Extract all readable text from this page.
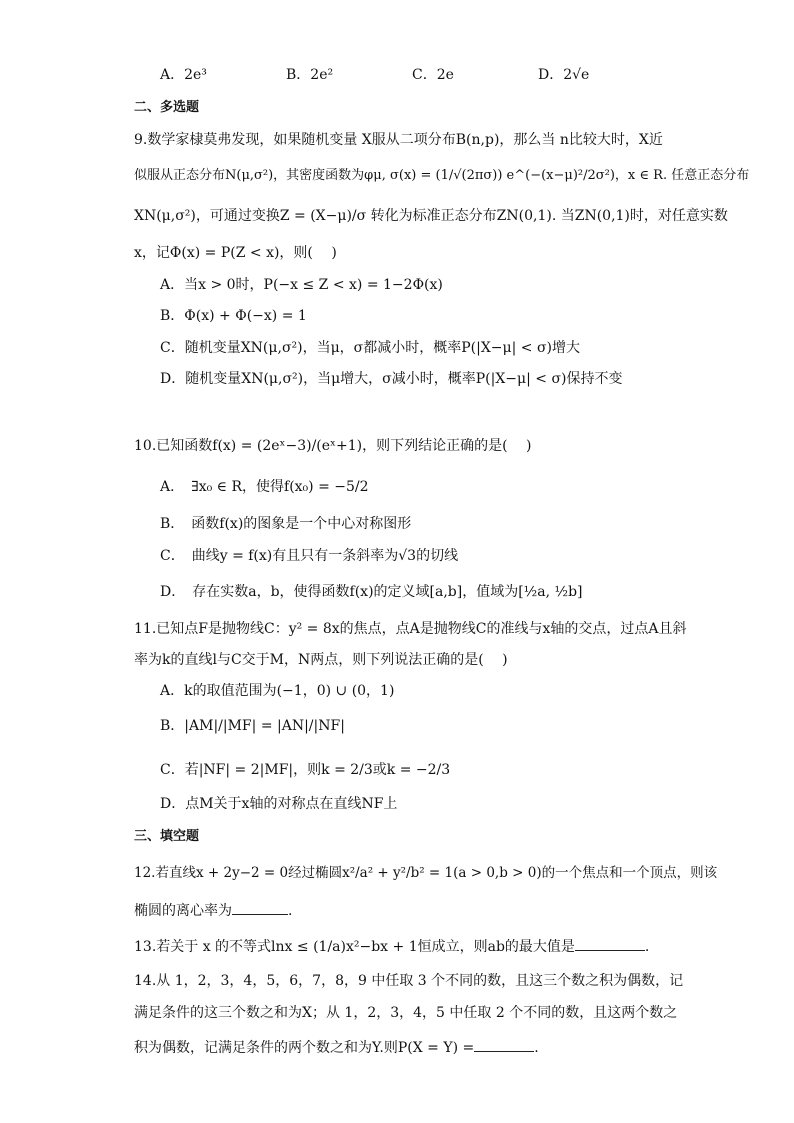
A．2e³	B．2e²	C．2e	D．2√e
二、多选题
9.数学家棣莫弗发现，如果随机变量 X服从二项分布B(n,p)，那么当 n比较大时，X近
似服从正态分布N(μ,σ²)，其密度函数为φμ, σ(x) = (1/√(2πσ)) e^(−(x−μ)²/2σ²)，x ∈ R. 任意正态分布
XN(μ,σ²)，可通过变换Z = (X−μ)/σ 转化为标准正态分布ZN(0,1). 当ZN(0,1)时，对任意实数
x，记Φ(x) = P(Z < x)，则(　 )
A．当x > 0时，P(−x ≤ Z < x) = 1−2Φ(x)
B．Φ(x) + Φ(−x) = 1
C．随机变量XN(μ,σ²)，当μ，σ都减小时，概率P(|X−μ| < σ)增大
D．随机变量XN(μ,σ²)，当μ增大，σ减小时，概率P(|X−μ| < σ)保持不变
10.已知函数f(x) = (2eˣ−3)/(eˣ+1)，则下列结论正确的是(　 )
A．　∃x₀ ∈ R，使得f(x₀) = −5/2
B．　函数f(x)的图象是一个中心对称图形
C．　曲线y = f(x)有且只有一条斜率为√3的切线
D．　存在实数a，b，使得函数f(x)的定义域[a,b]，值域为[½a, ½b]
11.已知点F是抛物线C：y² = 8x的焦点，点A是抛物线C的准线与x轴的交点，过点A且斜
率为k的直线l与C交于M，N两点，则下列说法正确的是(　 )
A．k的取值范围为(−1，0) ∪ (0，1)
B．|AM|/|MF| = |AN|/|NF|
C．若|NF| = 2|MF|，则k = 2/3或k = −2/3
D．点M关于x轴的对称点在直线NF上
三、填空题
12.若直线x + 2y−2 = 0经过椭圆x²/a² + y²/b² = 1(a > 0,b > 0)的一个焦点和一个顶点，则该
椭圆的离心率为	.
13.若关于 x 的不等式lnx ≤ (1/a)x²−bx + 1恒成立，则ab的最大值是	.
14.从 1，2，3，4，5，6，7，8，9 中任取 3 个不同的数，且这三个数之积为偶数，记
满足条件的这三个数之和为X；从 1，2，3，4，5 中任取 2 个不同的数，且这两个数之
积为偶数，记满足条件的两个数之和为Y.则P(X = Y) =	.
